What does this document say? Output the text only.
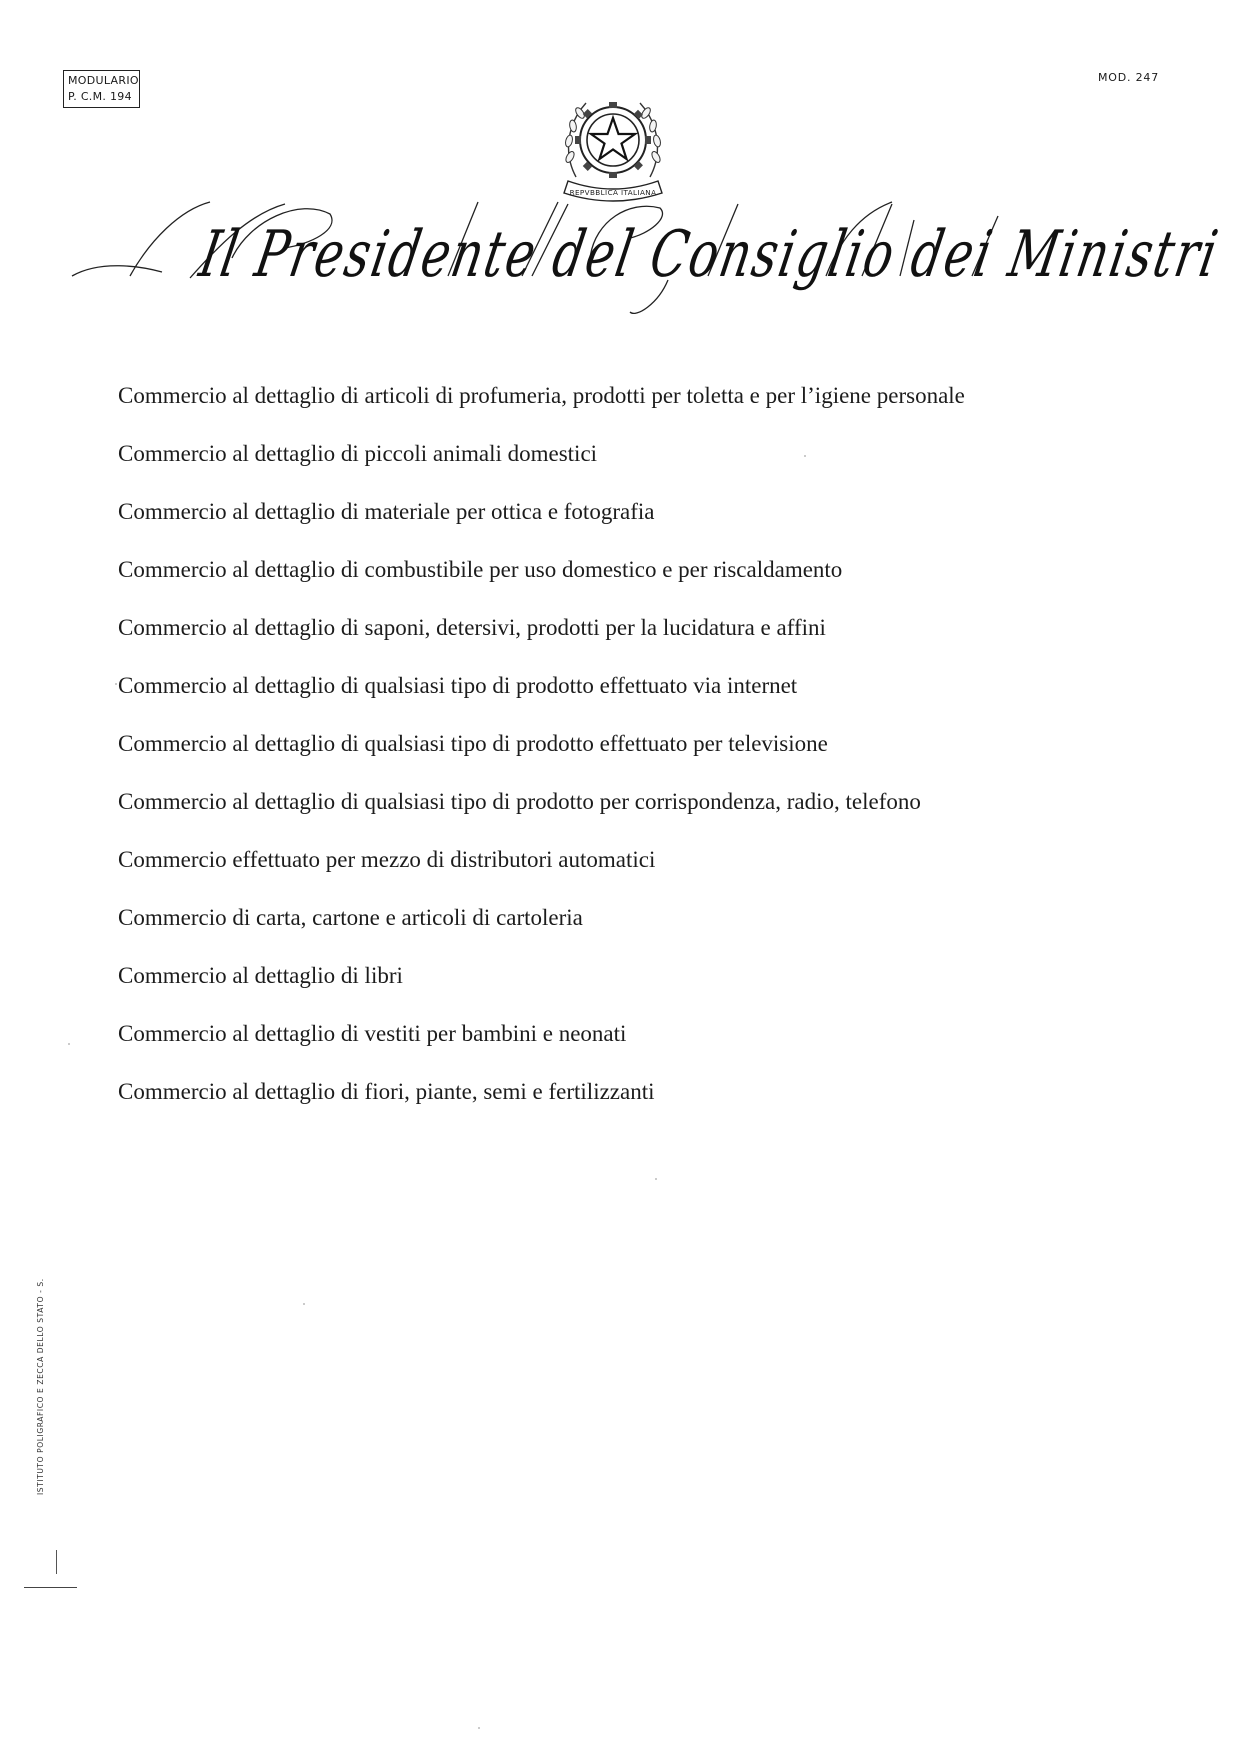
MODULARIO
P. C.M. 194
MOD. 247
REPVBBLICA ITALIANA
Il Presidente del Consiglio dei Ministri
Commercio al dettaglio di articoli di profumeria, prodotti per toletta e per l’igiene personale
Commercio al dettaglio di piccoli animali domestici
Commercio al dettaglio di materiale per ottica e fotografia
Commercio al dettaglio di combustibile per uso domestico e per riscaldamento
Commercio al dettaglio di saponi, detersivi, prodotti per la lucidatura e affini
Commercio al dettaglio di qualsiasi tipo di prodotto effettuato via internet
Commercio al dettaglio di qualsiasi tipo di prodotto effettuato per televisione
Commercio al dettaglio di qualsiasi tipo di prodotto per corrispondenza, radio, telefono
Commercio effettuato per mezzo di distributori automatici
Commercio di carta, cartone e articoli di cartoleria
Commercio al dettaglio di libri
Commercio al dettaglio di vestiti per bambini e neonati
Commercio al dettaglio di fiori, piante, semi e fertilizzanti
ISTITUTO POLIGRAFICO E ZECCA DELLO STATO - S.
